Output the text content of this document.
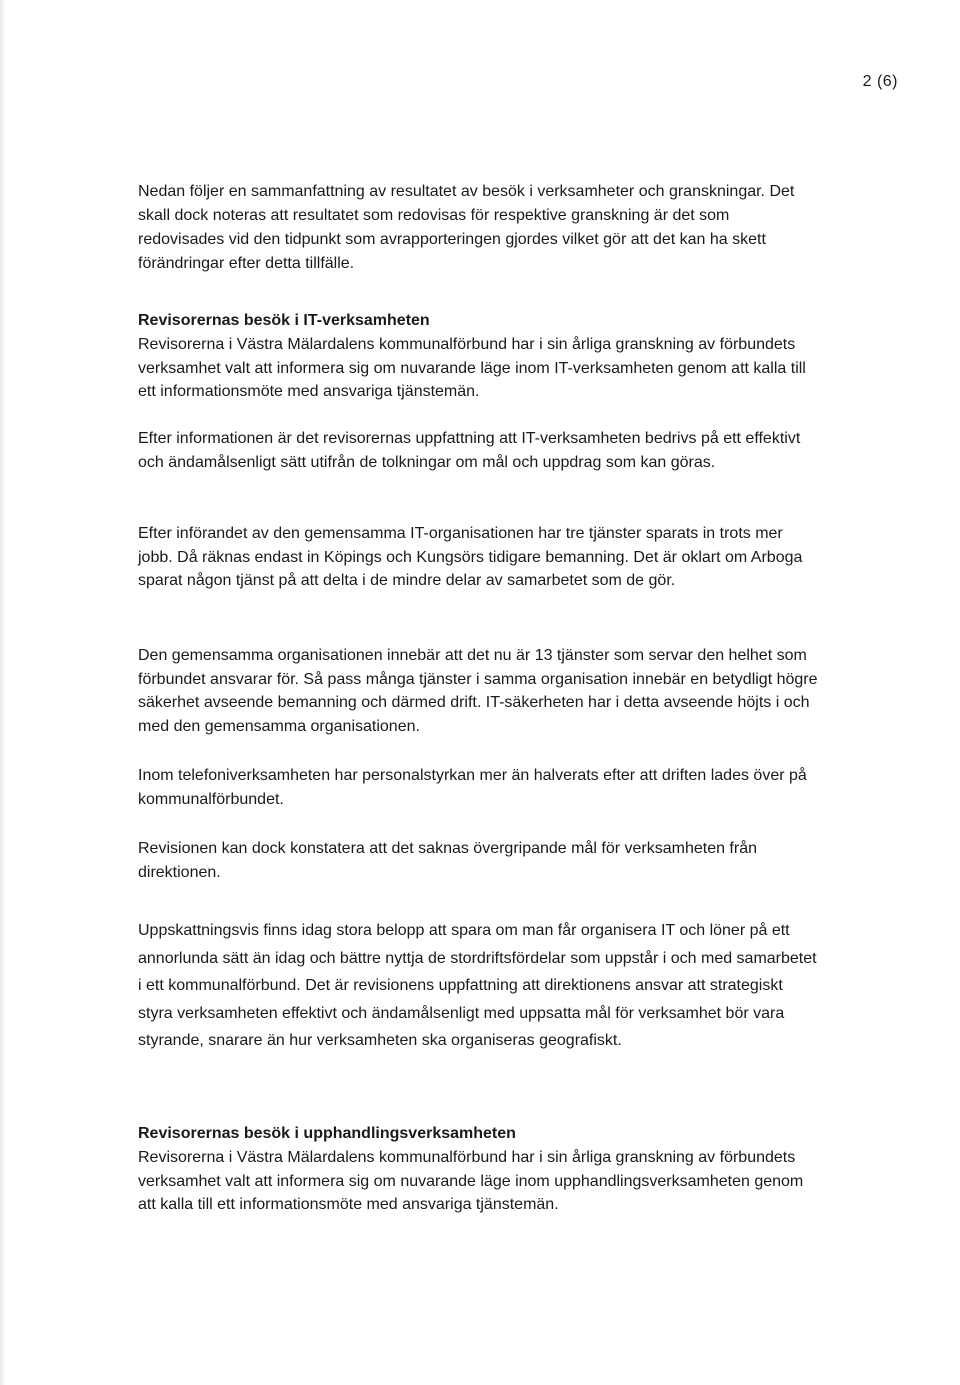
2 (6)

Nedan följer en sammanfattning av resultatet av besök i verksamheter och granskningar. Det skall dock noteras att resultatet som redovisas för respektive granskning är det som redovisades vid den tidpunkt som avrapporteringen gjordes vilket gör att det kan ha skett förändringar efter detta tillfälle.

Revisorernas besök i IT-verksamheten

Revisorerna i Västra Mälardalens kommunalförbund har i sin årliga granskning av förbundets verksamhet valt att informera sig om nuvarande läge inom IT-verksamheten genom att kalla till ett informationsmöte med ansvariga tjänstemän.

Efter informationen är det revisorernas uppfattning att IT-verksamheten bedrivs på ett effektivt och ändamålsenligt sätt utifrån de tolkningar om mål och uppdrag som kan göras.

Efter införandet av den gemensamma IT-organisationen har tre tjänster sparats in trots mer jobb. Då räknas endast in Köpings och Kungsörs tidigare bemanning. Det är oklart om Arboga sparat någon tjänst på att delta i de mindre delar av samarbetet som de gör.

Den gemensamma organisationen innebär att det nu är 13 tjänster som servar den helhet som förbundet ansvarar för. Så pass många tjänster i samma organisation innebär en betydligt högre säkerhet avseende bemanning och därmed drift. IT-säkerheten har i detta avseende höjts i och med den gemensamma organisationen.

Inom telefoniverksamheten har personalstyrkan mer än halverats efter att driften lades över på kommunalförbundet.

Revisionen kan dock konstatera att det saknas övergripande mål för verksamheten från direktionen.

Uppskattningsvis finns idag stora belopp att spara om man får organisera IT och löner på ett annorlunda sätt än idag och bättre nyttja de stordriftsfördelar som uppstår i och med samarbetet i ett kommunalförbund. Det är revisionens uppfattning att direktionens ansvar att strategiskt styra verksamheten effektivt och ändamålsenligt med uppsatta mål för verksamhet bör vara styrande, snarare än hur verksamheten ska organiseras geografiskt.

Revisorernas besök i upphandlingsverksamheten

Revisorerna i Västra Mälardalens kommunalförbund har i sin årliga granskning av förbundets verksamhet valt att informera sig om nuvarande läge inom upphandlingsverksamheten genom att kalla till ett informationsmöte med ansvariga tjänstemän.
